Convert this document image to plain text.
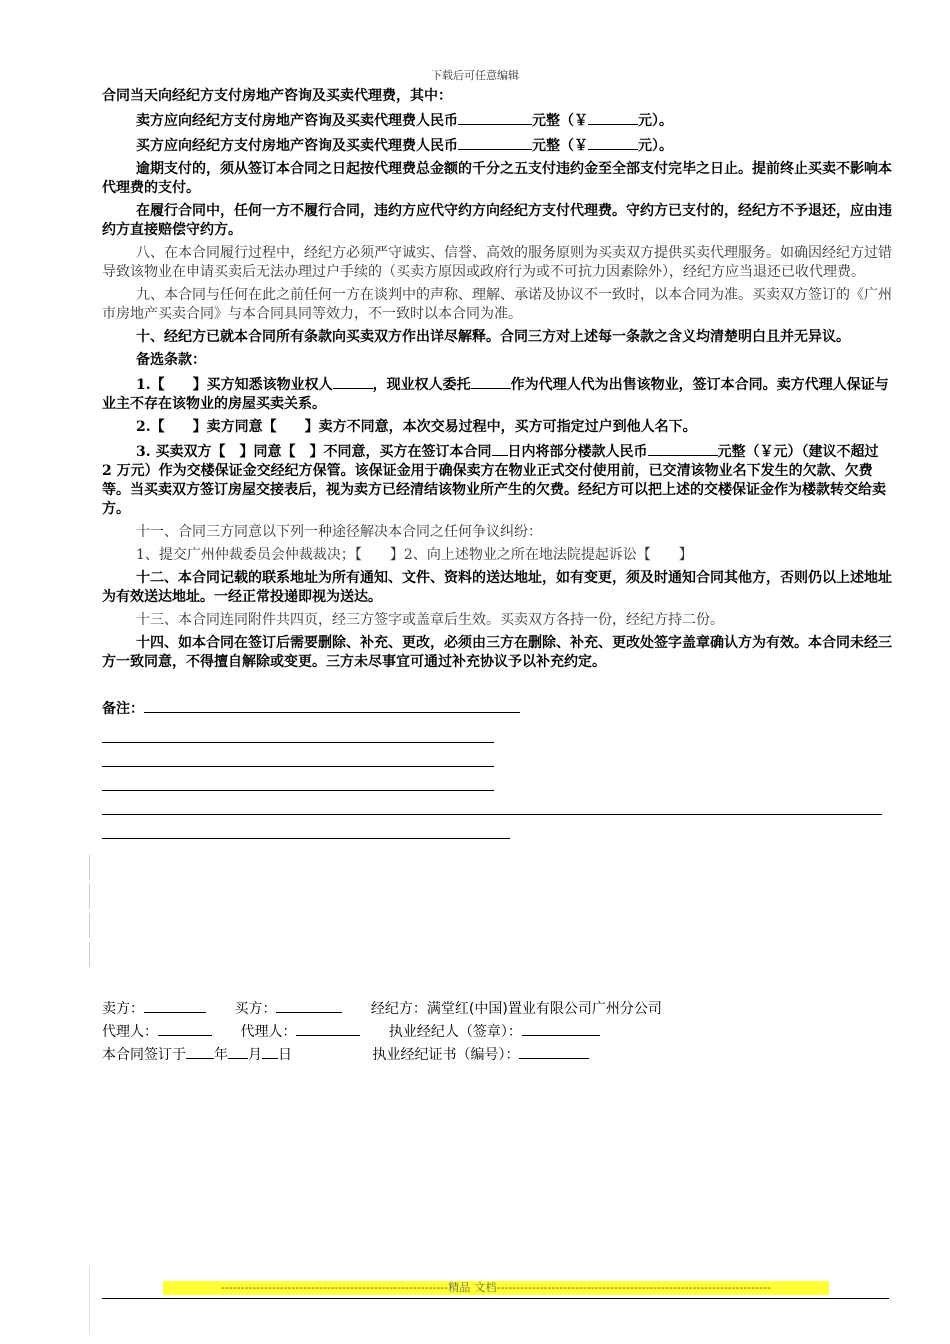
下载后可任意编辑

合同当天向经纪方支付房地产咨询及买卖代理费，其中：

卖方应向经纪方支付房地产咨询及买卖代理费人民币	元整（￥	元）。

买方应向经纪方支付房地产咨询及买卖代理费人民币	元整（￥	元）。

逾期支付的，须从签订本合同之日起按代理费总金额的千分之五支付违约金至全部支付完毕之日止。提前终止买卖不影响本代理费的支付。

在履行合同中，任何一方不履行合同，违约方应代守约方向经纪方支付代理费。守约方已支付的，经纪方不予退还，应由违约方直接赔偿守约方。

八、在本合同履行过程中，经纪方必须严守诚实、信誉、高效的服务原则为买卖双方提供买卖代理服务。如确因经纪方过错导致该物业在申请买卖后无法办理过户手续的（买卖方原因或政府行为或不可抗力因素除外），经纪方应当退还已收代理费。

九、本合同与任何在此之前任何一方在谈判中的声称、理解、承诺及协议不一致时，以本合同为准。买卖双方签订的《广州市房地产买卖合同》与本合同具同等效力，不一致时以本合同为准。

十、经纪方已就本合同所有条款向买卖双方作出详尽解释。合同三方对上述每一条款之含义均清楚明白且并无异议。

备选条款：

1.【　　】买方知悉该物业权人	，现业权人委托	作为代理人代为出售该物业，签订本合同。卖方代理人保证与业主不存在该物业的房屋买卖关系。

2.【　　】卖方同意【　　】卖方不同意，本次交易过程中，买方可指定过户到他人名下。

3. 买卖双方【　】同意【　】不同意，买方在签订本合同 日内将部分楼款人民币	元整（￥元）（建议不超过 2 万元）作为交楼保证金交经纪方保管。该保证金用于确保卖方在物业正式交付使用前，已交清该物业名下发生的欠款、欠费等。当买卖双方签订房屋交接表后，视为卖方已经清结该物业所产生的欠费。经纪方可以把上述的交楼保证金作为楼款转交给卖方。

十一、合同三方同意以下列一种途径解决本合同之任何争议纠纷：

1、提交广州仲裁委员会仲裁裁决；【　　】2、向上述物业之所在地法院提起诉讼【　　】

十二、本合同记载的联系地址为所有通知、文件、资料的送达地址，如有变更，须及时通知合同其他方，否则仍以上述地址为有效送达地址。一经正常投递即视为送达。

十三、本合同连同附件共四页，经三方签字或盖章后生效。买卖双方各持一份，经纪方持二份。

十四、如本合同在签订后需要删除、补充、更改，必须由三方在删除、补充、更改处签字盖章确认方为有效。本合同未经三方一致同意，不得擅自解除或变更。三方未尽事宜可通过补充协议予以补充约定。

备注：
卖方：	买方：	经纪方：满堂红(中国)置业有限公司广州分公司
代理人：	代理人：	执业经纪人（签章）：
本合同签订于 年 月 日	执业经纪证书（编号）：
----------------------------------------------------------精品 文档----------------------------------------------------------------------
